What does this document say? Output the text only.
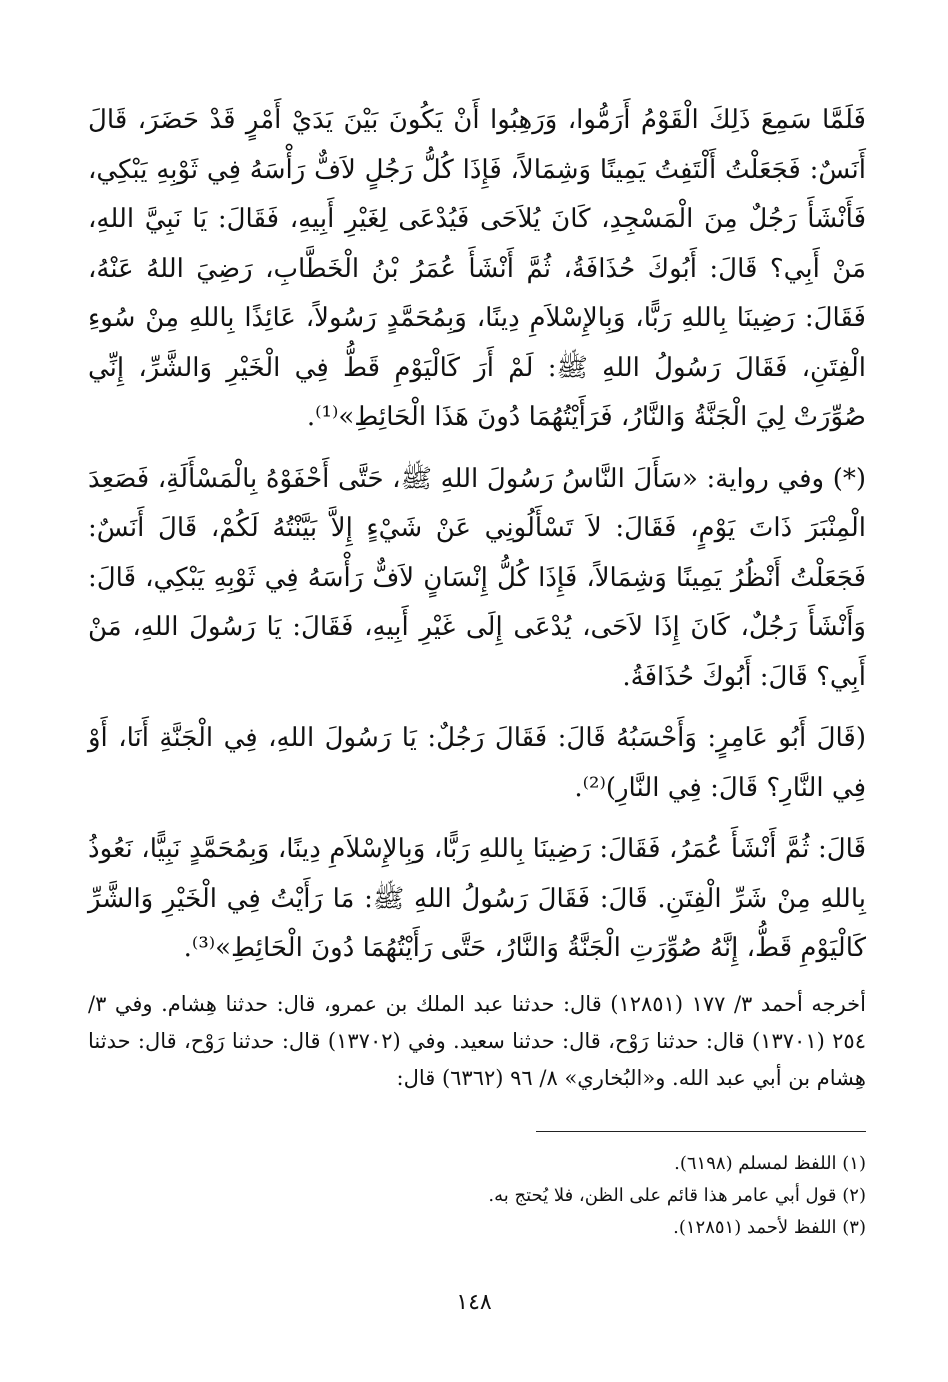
فَلَمَّا سَمِعَ ذَلِكَ الْقَوْمُ أَرَمُّوا، وَرَهِبُوا أَنْ يَكُونَ بَيْنَ يَدَيْ أَمْرٍ قَدْ حَضَرَ، قَالَ أَنَسٌ: فَجَعَلْتُ أَلْتَفِتُ يَمِينًا وَشِمَالاً، فَإِذَا كُلُّ رَجُلٍ لاَفٌّ رَأْسَهُ فِي ثَوْبِهِ يَبْكِي، فَأَنْشَأَ رَجُلٌ مِنَ الْمَسْجِدِ، كَانَ يُلاَحَى فَيُدْعَى لِغَيْرِ أَبِيهِ، فَقَالَ: يَا نَبِيَّ اللهِ، مَنْ أَبِي؟ قَالَ: أَبُوكَ حُذَافَةُ، ثُمَّ أَنْشَأَ عُمَرُ بْنُ الْخَطَّابِ، رَضِيَ اللهُ عَنْهُ، فَقَالَ: رَضِينَا بِاللهِ رَبًّا، وَبِالإِسْلاَمِ دِينًا، وَبِمُحَمَّدٍ رَسُولاً، عَائِذًا بِاللهِ مِنْ سُوءِ الْفِتَنِ، فَقَالَ رَسُولُ اللهِ ﷺ: لَمْ أَرَ كَالْيَوْمِ قَطُّ فِي الْخَيْرِ وَالشَّرِّ، إِنِّي صُوِّرَتْ لِيَ الْجَنَّةُ وَالنَّارُ، فَرَأَيْتُهُمَا دُونَ هَذَا الْحَائِطِ»⁽¹⁾.

(*) وفي رواية: «سَأَلَ النَّاسُ رَسُولَ اللهِ ﷺ، حَتَّى أَحْفَوْهُ بِالْمَسْأَلَةِ، فَصَعِدَ الْمِنْبَرَ ذَاتَ يَوْمٍ، فَقَالَ: لاَ تَسْأَلُونِي عَنْ شَيْءٍ إِلاَّ بَيَّنْتُهُ لَكُمْ، قَالَ أَنَسٌ: فَجَعَلْتُ أَنْظُرُ يَمِينًا وَشِمَالاً، فَإِذَا كُلُّ إِنْسَانٍ لاَفٌّ رَأْسَهُ فِي ثَوْبِهِ يَبْكِي، قَالَ: وَأَنْشَأَ رَجُلٌ، كَانَ إِذَا لاَحَى، يُدْعَى إِلَى غَيْرِ أَبِيهِ، فَقَالَ: يَا رَسُولَ اللهِ، مَنْ أَبِي؟ قَالَ: أَبُوكَ حُذَافَةُ.

(قَالَ أَبُو عَامِرٍ: وَأَحْسَبُهُ قَالَ: فَقَالَ رَجُلٌ: يَا رَسُولَ اللهِ، فِي الْجَنَّةِ أَنَا، أَوْ فِي النَّارِ؟ قَالَ: فِي النَّارِ)⁽²⁾.

قَالَ: ثُمَّ أَنْشَأَ عُمَرُ، فَقَالَ: رَضِينَا بِاللهِ رَبًّا، وَبِالإِسْلاَمِ دِينًا، وَبِمُحَمَّدٍ نَبِيًّا، نَعُوذُ بِاللهِ مِنْ شَرِّ الْفِتَنِ. قَالَ: فَقَالَ رَسُولُ اللهِ ﷺ: مَا رَأَيْتُ فِي الْخَيْرِ وَالشَّرِّ كَالْيَوْمِ قَطُّ، إِنَّهُ صُوِّرَتِ الْجَنَّةُ وَالنَّارُ، حَتَّى رَأَيْتُهُمَا دُونَ الْحَائِطِ»⁽³⁾.

أخرجه أحمد ٣/ ١٧٧ (١٢٨٥١) قال: حدثنا عبد الملك بن عمرو، قال: حدثنا هِشام. وفي ٣/ ٢٥٤ (١٣٧٠١) قال: حدثنا رَوْح، قال: حدثنا سعيد. وفي (١٣٧٠٢) قال: حدثنا رَوْح، قال: حدثنا هِشام بن أبي عبد الله. و«البُخاري» ٨/ ٩٦ (٦٣٦٢) قال:

(١) اللفظ لمسلم (٦١٩٨).

(٢) قول أبي عامر هذا قائم على الظن، فلا يُحتج به.

(٣) اللفظ لأحمد (١٢٨٥١).

١٤٨
